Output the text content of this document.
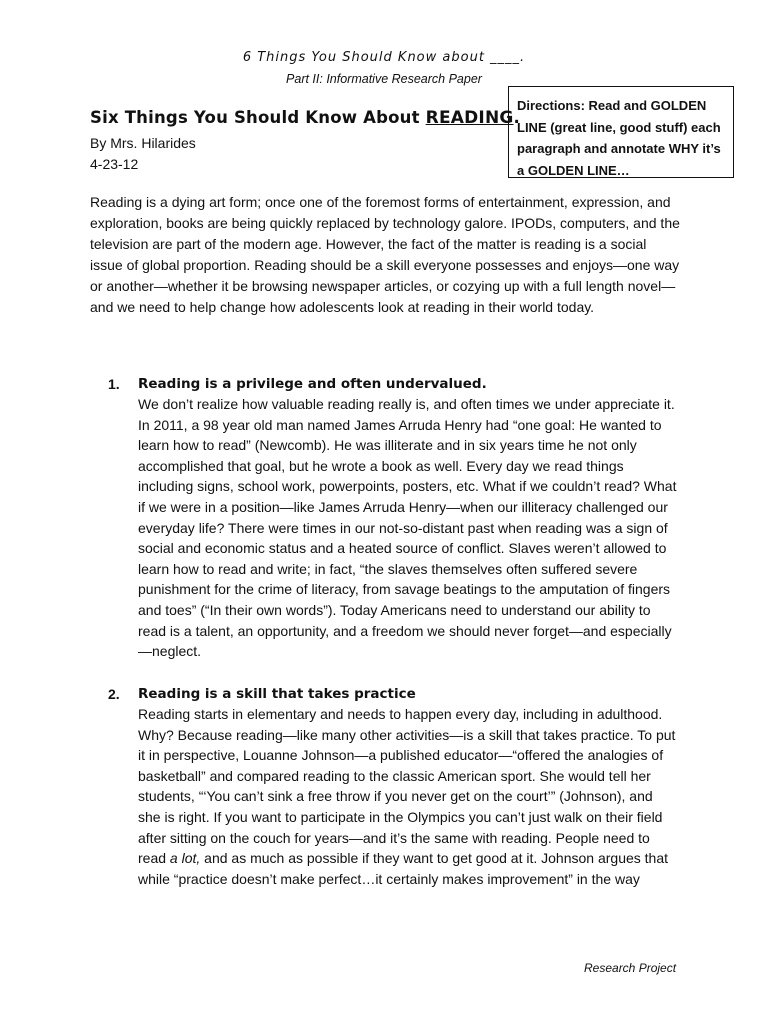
6 Things You Should Know about ____.
Part II: Informative Research Paper
Directions: Read and GOLDEN LINE (great line, good stuff) each paragraph and annotate WHY it’s a GOLDEN LINE…
Six Things You Should Know About READING.
By Mrs. Hilarides
4-23-12

Reading is a dying art form; once one of the foremost forms of entertainment, expression, and exploration, books are being quickly replaced by technology galore. IPODs, computers, and the television are part of the modern age. However, the fact of the matter is reading is a social issue of global proportion. Reading should be a skill everyone possesses and enjoys—one way or another—whether it be browsing newspaper articles, or cozying up with a full length novel—and we need to help change how adolescents look at reading in their world today.

1. Reading is a privilege and often undervalued.

We don’t realize how valuable reading really is, and often times we under appreciate it. In 2011, a 98 year old man named James Arruda Henry had “one goal: He wanted to learn how to read” (Newcomb). He was illiterate and in six years time he not only accomplished that goal, but he wrote a book as well. Every day we read things including signs, school work, powerpoints, posters, etc. What if we couldn’t read? What if we were in a position—like James Arruda Henry—when our illiteracy challenged our everyday life? There were times in our not-so-distant past when reading was a sign of social and economic status and a heated source of conflict. Slaves weren’t allowed to learn how to read and write; in fact, “the slaves themselves often suffered severe punishment for the crime of literacy, from savage beatings to the amputation of fingers and toes” (“In their own words”). Today Americans need to understand our ability to read is a talent, an opportunity, and a freedom we should never forget—and especially—neglect.

2. Reading is a skill that takes practice

Reading starts in elementary and needs to happen every day, including in adulthood. Why? Because reading—like many other activities—is a skill that takes practice. To put it in perspective, Louanne Johnson—a published educator—“offered the analogies of basketball” and compared reading to the classic American sport. She would tell her students, “‘You can’t sink a free throw if you never get on the court’” (Johnson), and she is right. If you want to participate in the Olympics you can’t just walk on their field after sitting on the couch for years—and it’s the same with reading. People need to read a lot, and as much as possible if they want to get good at it. Johnson argues that while “practice doesn’t make perfect…it certainly makes improvement” in the way

Research Project
